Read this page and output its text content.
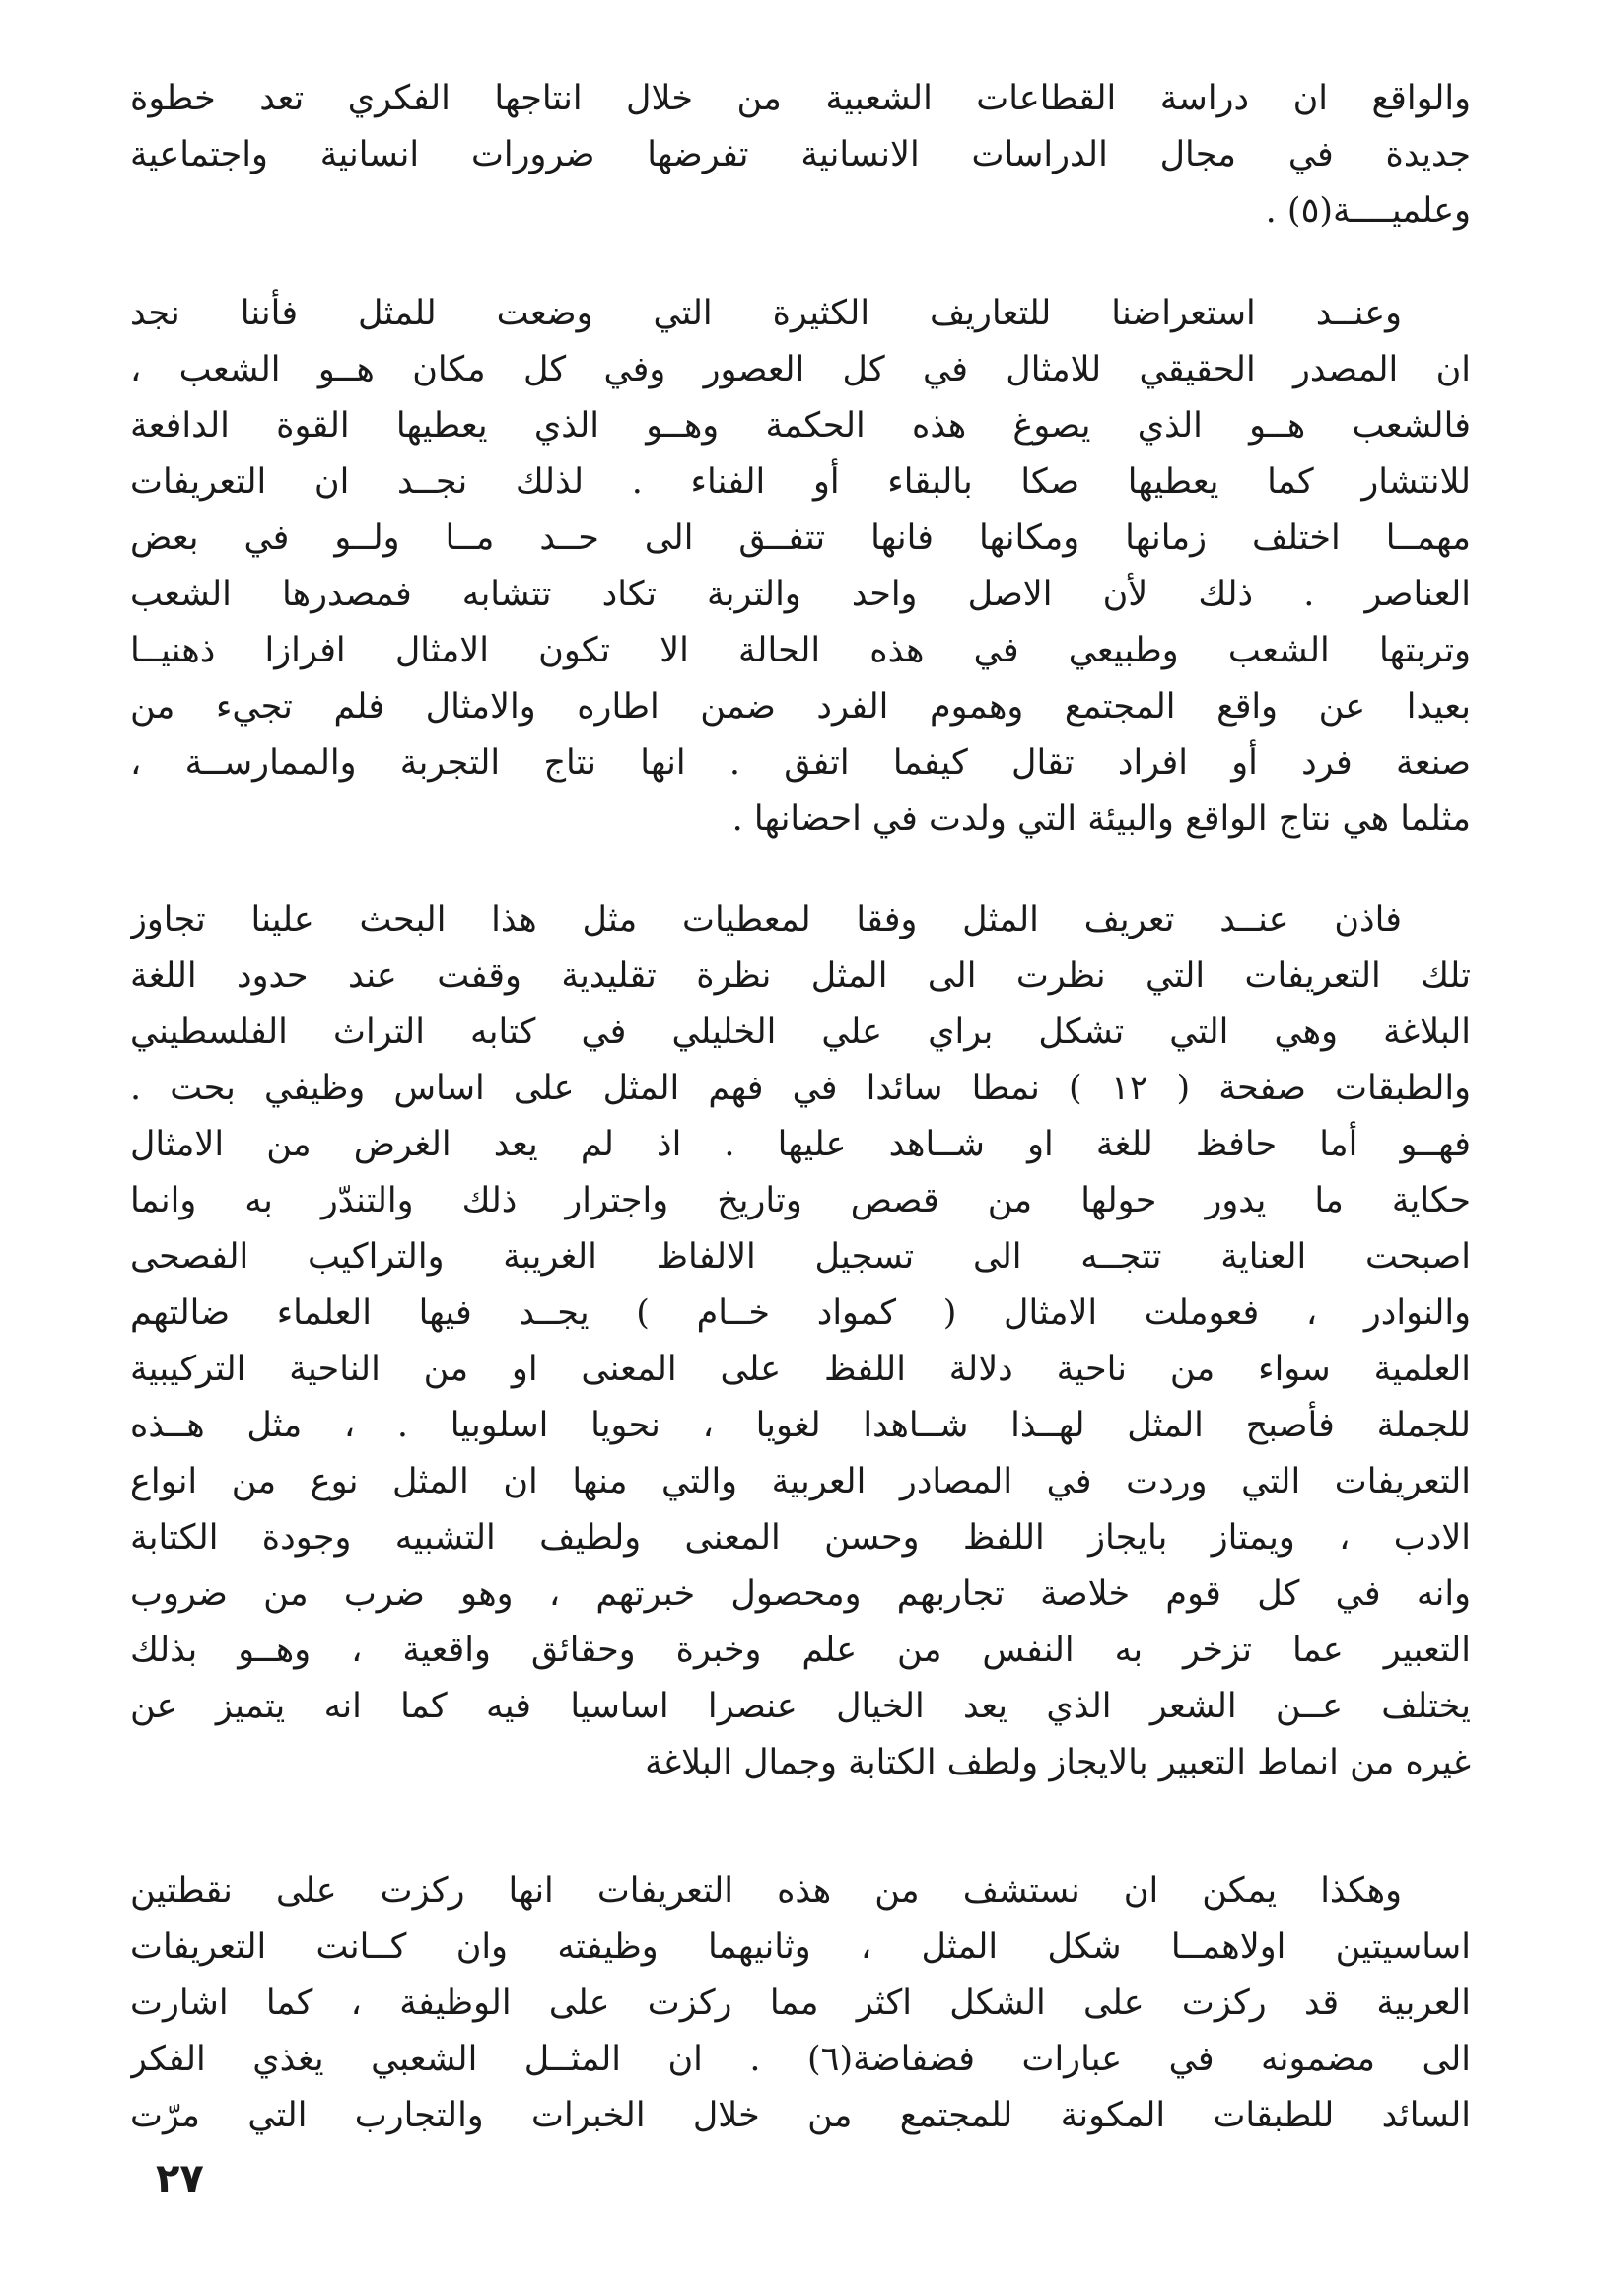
والواقع ان دراسة القطاعات الشعبية من خلال انتاجها الفكري تعد خطوة
جديدة في مجال الدراسات الانسانية تفرضها ضرورات انسانية واجتماعية
وعلميــــة(٥) .
وعنــد استعراضنا للتعاريف الكثيرة التي وضعت للمثل فأننا نجد
ان المصدر الحقيقي للامثال في كل العصور وفي كل مكان هــو الشعب ،
فالشعب هــو الذي يصوغ هذه الحكمة وهــو الذي يعطيها القوة الدافعة
للانتشار كما يعطيها صكا بالبقاء أو الفناء . لذلك نجــد ان التعريفات
مهمــا اختلف زمانها ومكانها فانها تتفــق الى حــد مــا ولــو في بعض
العناصر . ذلك لأن الاصل واحد والتربة تكاد تتشابه فمصدرها الشعب
وتربتها الشعب وطبيعي في هذه الحالة الا تكون الامثال افرازا ذهنيــا
بعيدا عن واقع المجتمع وهموم الفرد ضمن اطاره والامثال فلم تجيء من
صنعة فرد أو افراد تقال كيفما اتفق . انها نتاج التجربة والممارســة ،
مثلما هي نتاج الواقع والبيئة التي ولدت في احضانها .
فاذن عنــد تعريف المثل وفقا لمعطيات مثل هذا البحث علينا تجاوز
تلك التعريفات التي نظرت الى المثل نظرة تقليدية وقفت عند حدود اللغة
البلاغة وهي التي تشكل براي علي الخليلي في كتابه التراث الفلسطيني
والطبقات صفحة ( ١٢ ) نمطا سائدا في فهم المثل على اساس وظيفي بحت .
فهــو أما حافظ للغة او شــاهد عليها . اذ لم يعد الغرض من الامثال
حكاية ما يدور حولها من قصص وتاريخ واجترار ذلك والتندّر به وانما
اصبحت العناية تتجــه الى تسجيل الالفاظ الغريبة والتراكيب الفصحى
والنوادر ، فعوملت الامثال ( كمواد خــام ) يجــد فيها العلماء ضالتهم
العلمية سواء من ناحية دلالة اللفظ على المعنى او من الناحية التركيبية
للجملة فأصبح المثل لهــذا شــاهدا لغويا ، نحويا اسلوبيا . ، مثل هــذه
التعريفات التي وردت في المصادر العربية والتي منها ان المثل نوع من انواع
الادب ، ويمتاز بايجاز اللفظ وحسن المعنى ولطيف التشبيه وجودة الكتابة
وانه في كل قوم خلاصة تجاربهم ومحصول خبرتهم ، وهو ضرب من ضروب
التعبير عما تزخر به النفس من علم وخبرة وحقائق واقعية ، وهــو بذلك
يختلف عــن الشعر الذي يعد الخيال عنصرا اساسيا فيه كما انه يتميز عن
غيره من انماط التعبير بالايجاز ولطف الكتابة وجمال البلاغة
وهكذا يمكن ان نستشف من هذه التعريفات انها ركزت على نقطتين
اساسيتين اولاهمــا شكل المثل ، وثانيهما وظيفته وان كــانت التعريفات
العربية قد ركزت على الشكل اكثر مما ركزت على الوظيفة ، كما اشارت
الى مضمونه في عبارات فضفاضة(٦) . ان المثــل الشعبي يغذي الفكر
السائد للطبقات المكونة للمجتمع من خلال الخبرات والتجارب التي مرّت
٢٧
